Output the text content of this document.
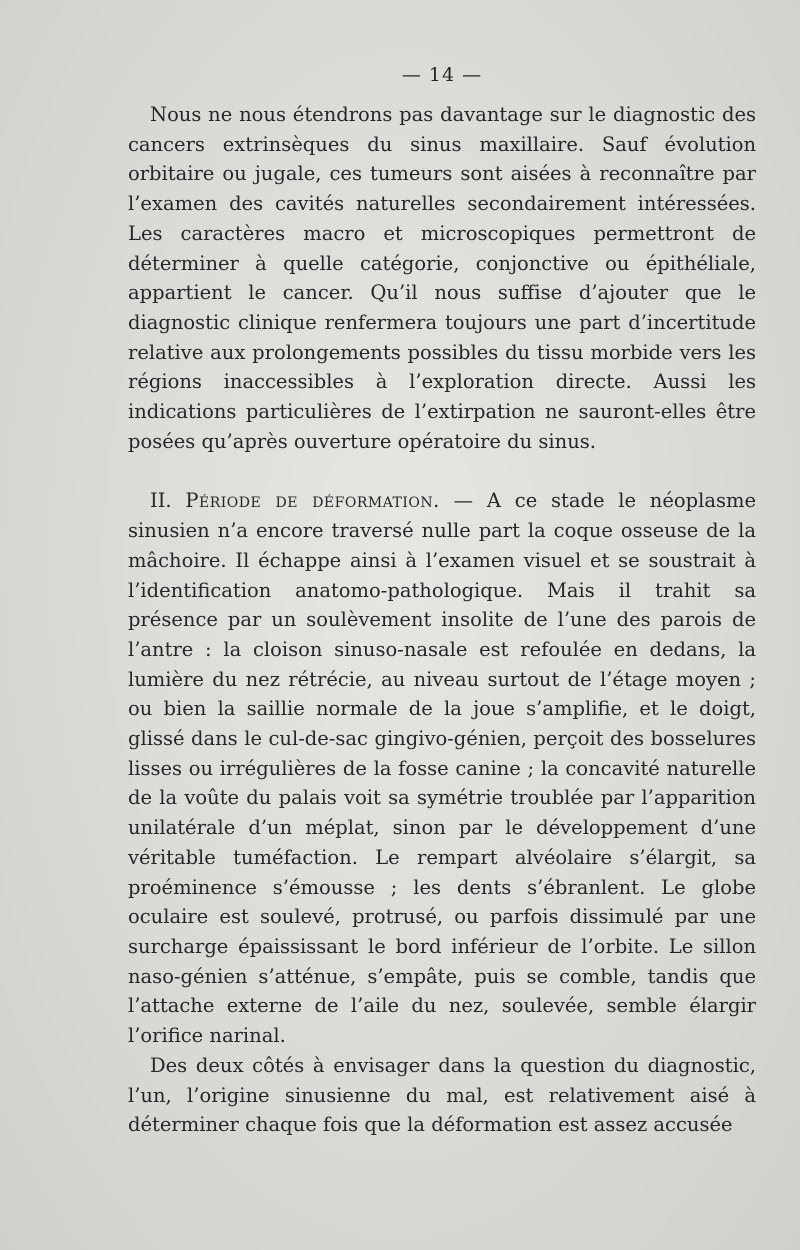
— 14 —

Nous ne nous étendrons pas davantage sur le diagnostic des cancers extrinsèques du sinus maxillaire. Sauf évolution orbitaire ou jugale, ces tumeurs sont aisées à reconnaître par l’examen des cavités naturelles secondairement intéressées. Les caractères macro et microscopiques permettront de déterminer à quelle catégorie, conjonctive ou épithéliale, appartient le cancer. Qu’il nous suffise d’ajouter que le diagnostic clinique renfermera toujours une part d’incertitude relative aux prolongements possibles du tissu morbide vers les régions inaccessibles à l’exploration directe. Aussi les indications particulières de l’extirpation ne sauront-elles être posées qu’après ouverture opératoire du sinus.

II. Période de déformation. — A ce stade le néoplasme sinusien n’a encore traversé nulle part la coque osseuse de la mâchoire. Il échappe ainsi à l’examen visuel et se soustrait à l’identification anatomo-pathologique. Mais il trahit sa présence par un soulèvement insolite de l’une des parois de l’antre : la cloison sinuso-nasale est refoulée en dedans, la lumière du nez rétrécie, au niveau surtout de l’étage moyen ; ou bien la saillie normale de la joue s’amplifie, et le doigt, glissé dans le cul-de-sac gingivo-génien, perçoit des bosselures lisses ou irrégulières de la fosse canine ; la concavité naturelle de la voûte du palais voit sa symétrie troublée par l’apparition unilatérale d’un méplat, sinon par le développement d’une véritable tuméfaction. Le rempart alvéolaire s’élargit, sa proéminence s’émousse ; les dents s’ébranlent. Le globe oculaire est soulevé, protrusé, ou parfois dissimulé par une surcharge épaississant le bord inférieur de l’orbite. Le sillon naso-génien s’atténue, s’empâte, puis se comble, tandis que l’attache externe de l’aile du nez, soulevée, semble élargir l’orifice narinal.

Des deux côtés à envisager dans la question du diagnostic, l’un, l’origine sinusienne du mal, est relativement aisé à déterminer chaque fois que la déformation est assez accusée
